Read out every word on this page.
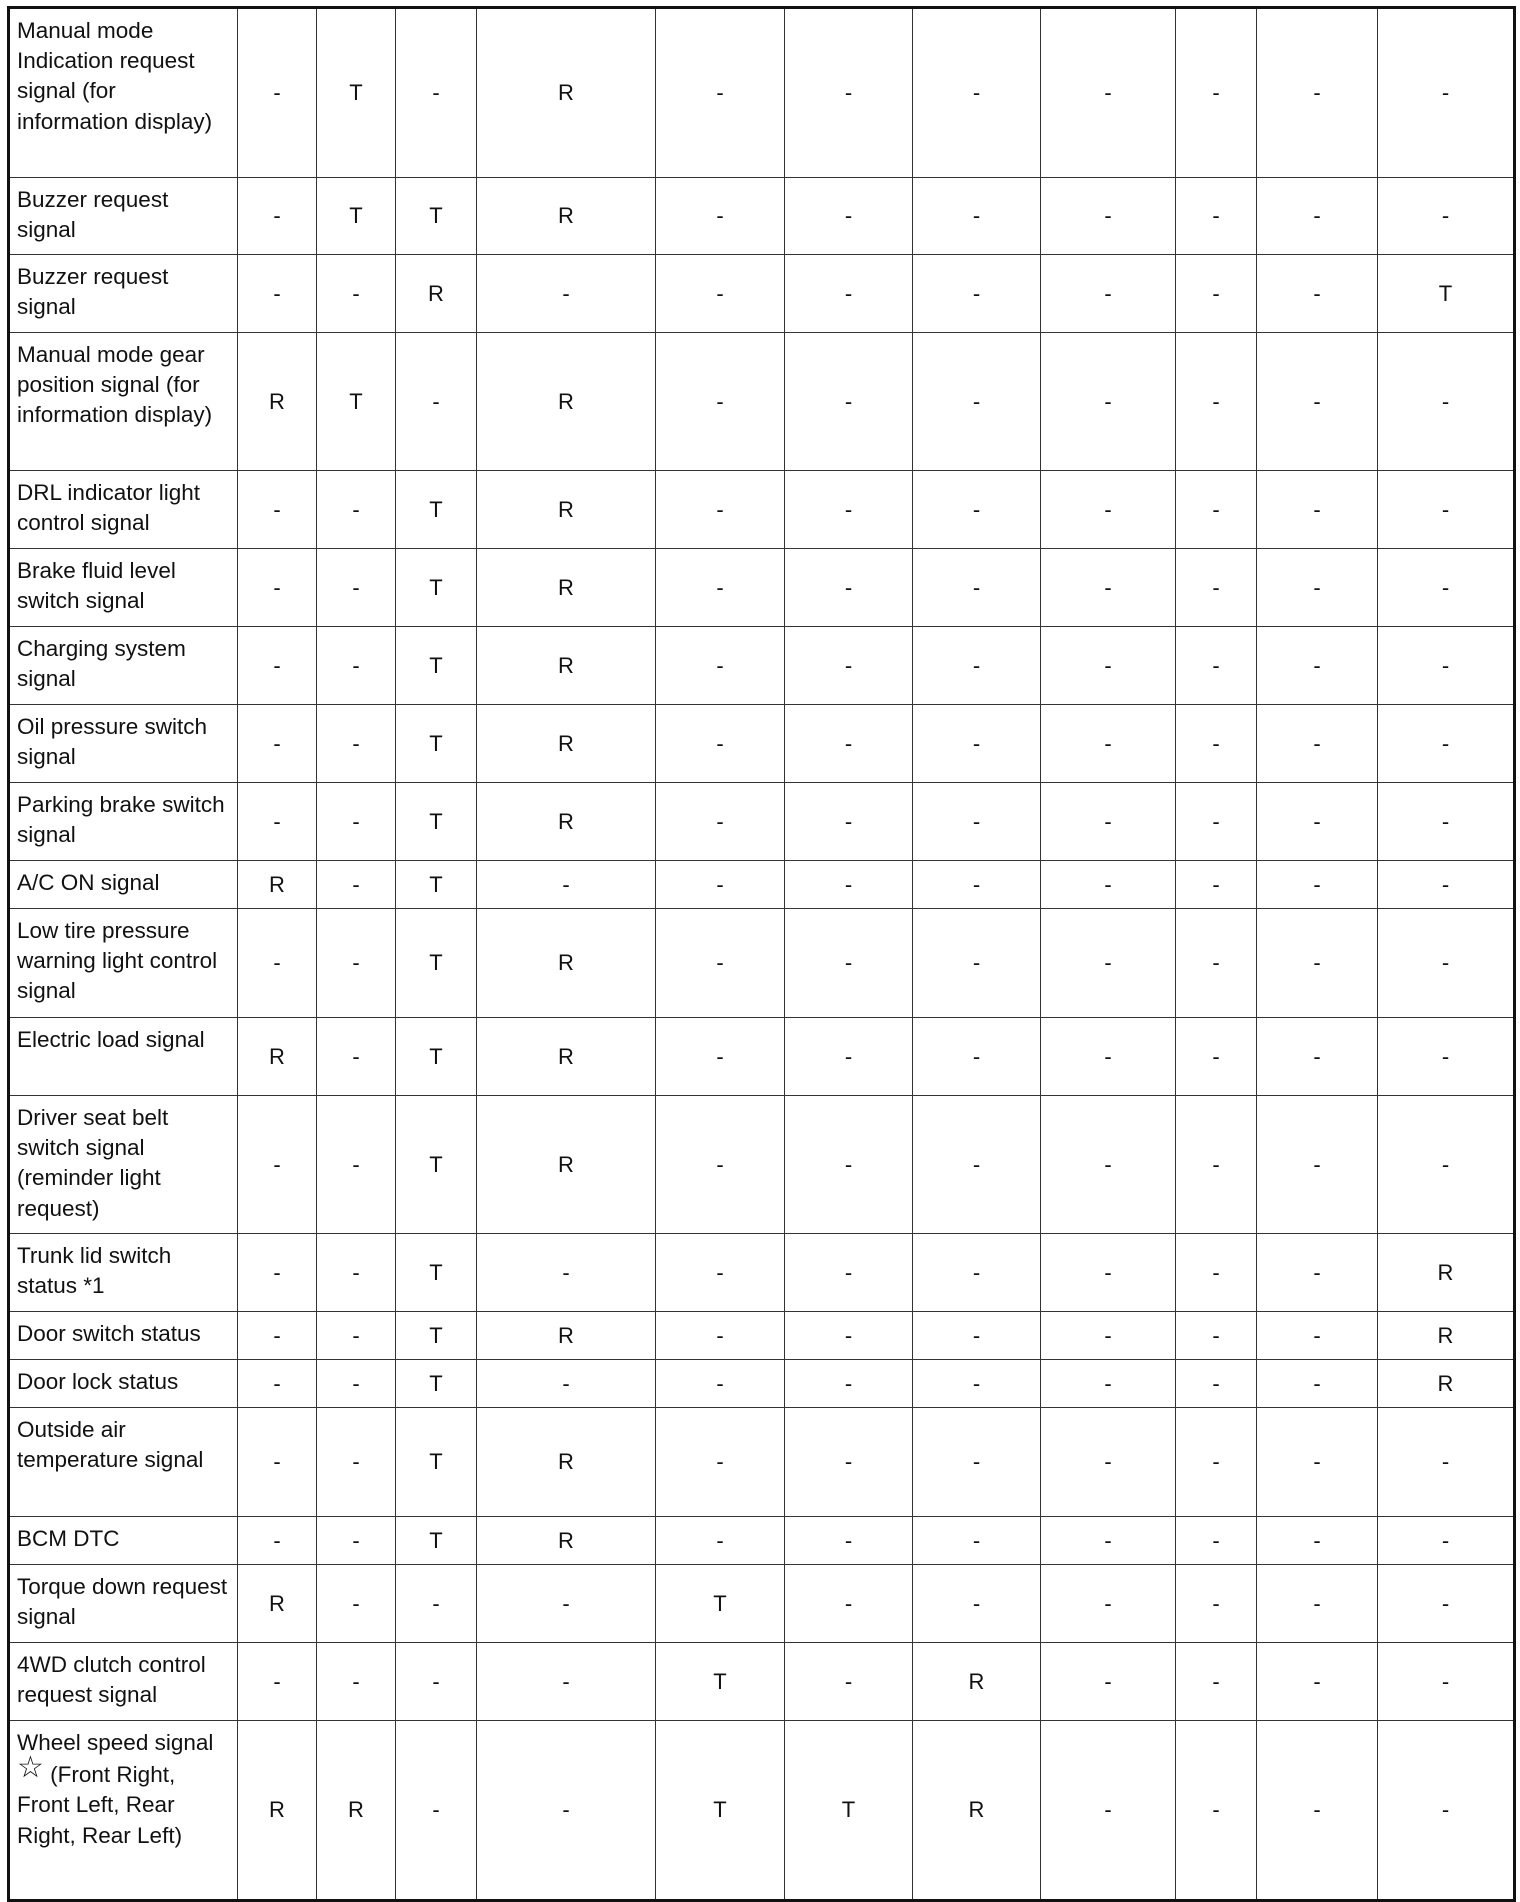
Manual mode Indication request signal (for information display)	-	T	-	R	-	-	-	-	-	-	-
Buzzer request signal	-	T	T	R	-	-	-	-	-	-	-
Buzzer request signal	-	-	R	-	-	-	-	-	-	-	T
Manual mode gear position signal (for information display)	R	T	-	R	-	-	-	-	-	-	-
DRL indicator light control signal	-	-	T	R	-	-	-	-	-	-	-
Brake fluid level switch signal	-	-	T	R	-	-	-	-	-	-	-
Charging system signal	-	-	T	R	-	-	-	-	-	-	-
Oil pressure switch signal	-	-	T	R	-	-	-	-	-	-	-
Parking brake switch signal	-	-	T	R	-	-	-	-	-	-	-
A/C ON signal	R	-	T	-	-	-	-	-	-	-	-
Low tire pressure warning light control signal	-	-	T	R	-	-	-	-	-	-	-
Electric load signal	R	-	T	R	-	-	-	-	-	-	-
Driver seat belt switch signal (reminder light request)	-	-	T	R	-	-	-	-	-	-	-
Trunk lid switch status *1	-	-	T	-	-	-	-	-	-	-	R
Door switch status	-	-	T	R	-	-	-	-	-	-	R
Door lock status	-	-	T	-	-	-	-	-	-	-	R
Outside air temperature signal	-	-	T	R	-	-	-	-	-	-	-
BCM DTC	-	-	T	R	-	-	-	-	-	-	-
Torque down request signal	R	-	-	-	T	-	-	-	-	-	-
4WD clutch control request signal	-	-	-	-	T	-	R	-	-	-	-
Wheel speed signal ☆ (Front Right, Front Left, Rear Right, Rear Left)	R	R	-	-	T	T	R	-	-	-	-
